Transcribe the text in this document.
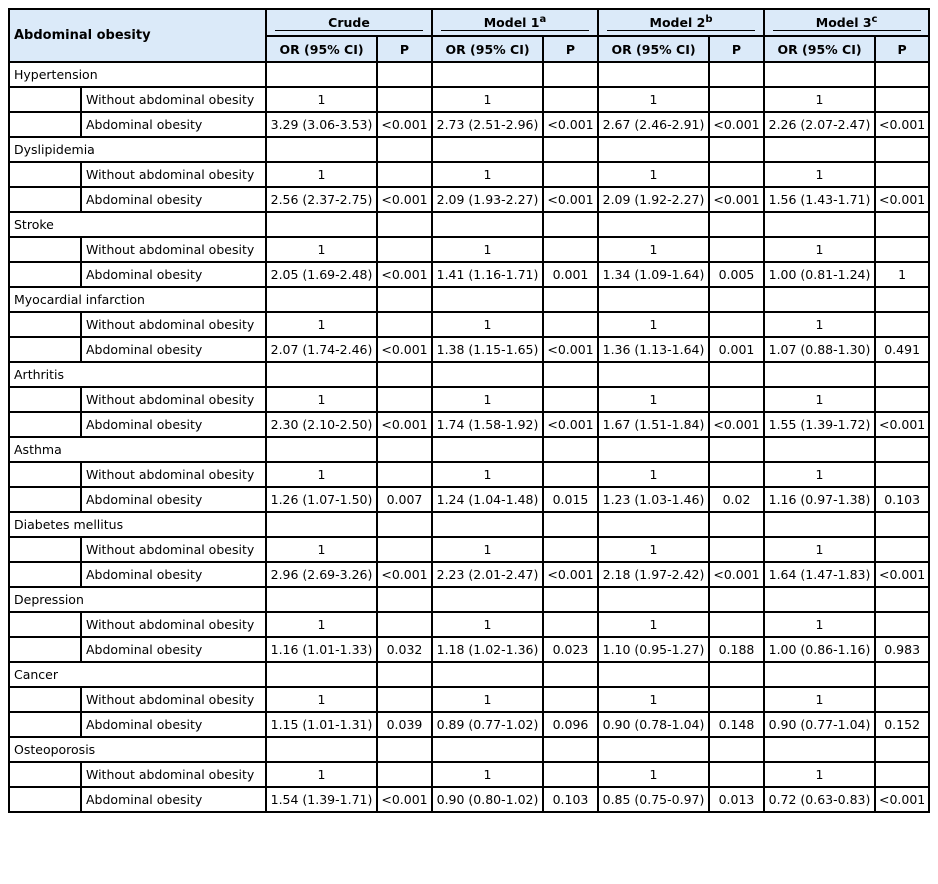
Abdominal obesity		Crude		Model 1$^a$		Model 2$^b$		Model 3$^c$
		OR (95% CI)	P	OR (95% CI)	P	OR (95% CI)	P	OR (95% CI)	P
Hypertension									
	Without abdominal obesity	1		1		1		1	
	Abdominal obesity	3.29 (3.06-3.53)	<0.001	2.73 (2.51-2.96)	<0.001	2.67 (2.46-2.91)	<0.001	2.26 (2.07-2.47)	<0.001
Dyslipidemia									
	Without abdominal obesity	1		1		1		1	
	Abdominal obesity	2.56 (2.37-2.75)	<0.001	2.09 (1.93-2.27)	<0.001	2.09 (1.92-2.27)	<0.001	1.56 (1.43-1.71)	<0.001
Stroke									
	Without abdominal obesity	1		1		1		1	
	Abdominal obesity	2.05 (1.69-2.48)	<0.001	1.41 (1.16-1.71)	0.001	1.34 (1.09-1.64)	0.005	1.00 (0.81-1.24)	1
Myocardial infarction									
	Without abdominal obesity	1		1		1		1	
	Abdominal obesity	2.07 (1.74-2.46)	<0.001	1.38 (1.15-1.65)	<0.001	1.36 (1.13-1.64)	0.001	1.07 (0.88-1.30)	0.491
Arthritis									
	Without abdominal obesity	1		1		1		1	
	Abdominal obesity	2.30 (2.10-2.50)	<0.001	1.74 (1.58-1.92)	<0.001	1.67 (1.51-1.84)	<0.001	1.55 (1.39-1.72)	<0.001
Asthma									
	Without abdominal obesity	1		1		1		1	
	Abdominal obesity	1.26 (1.07-1.50)	0.007	1.24 (1.04-1.48)	0.015	1.23 (1.03-1.46)	0.02	1.16 (0.97-1.38)	0.103
Diabetes mellitus									
	Without abdominal obesity	1		1		1		1	
	Abdominal obesity	2.96 (2.69-3.26)	<0.001	2.23 (2.01-2.47)	<0.001	2.18 (1.97-2.42)	<0.001	1.64 (1.47-1.83)	<0.001
Depression									
	Without abdominal obesity	1		1		1		1	
	Abdominal obesity	1.16 (1.01-1.33)	0.032	1.18 (1.02-1.36)	0.023	1.10 (0.95-1.27)	0.188	1.00 (0.86-1.16)	0.983
Cancer									
	Without abdominal obesity	1		1		1		1	
	Abdominal obesity	1.15 (1.01-1.31)	0.039	0.89 (0.77-1.02)	0.096	0.90 (0.78-1.04)	0.148	0.90 (0.77-1.04)	0.152
Osteoporosis									
	Without abdominal obesity	1		1		1		1	
	Abdominal obesity	1.54 (1.39-1.71)	<0.001	0.90 (0.80-1.02)	0.103	0.85 (0.75-0.97)	0.013	0.72 (0.63-0.83)	<0.001
